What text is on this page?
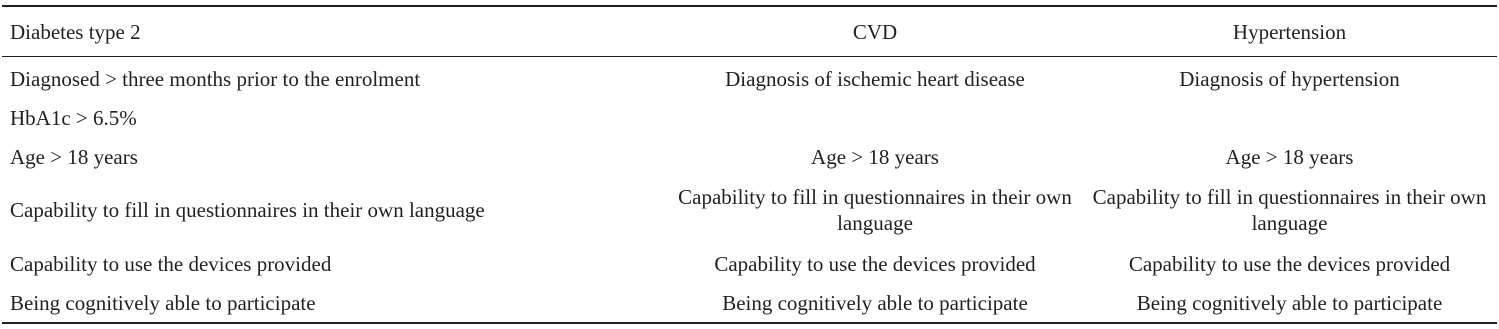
Diabetes type 2	CVD	Hypertension
Diagnosed > three months prior to the enrolment	Diagnosis of ischemic heart disease	Diagnosis of hypertension
HbA1c > 6.5%		
Age > 18 years	Age > 18 years	Age > 18 years
Capability to fill in questionnaires in their own language	Capability to fill in questionnaires in their own language	Capability to fill in questionnaires in their own language
Capability to use the devices provided	Capability to use the devices provided	Capability to use the devices provided
Being cognitively able to participate	Being cognitively able to participate	Being cognitively able to participate
